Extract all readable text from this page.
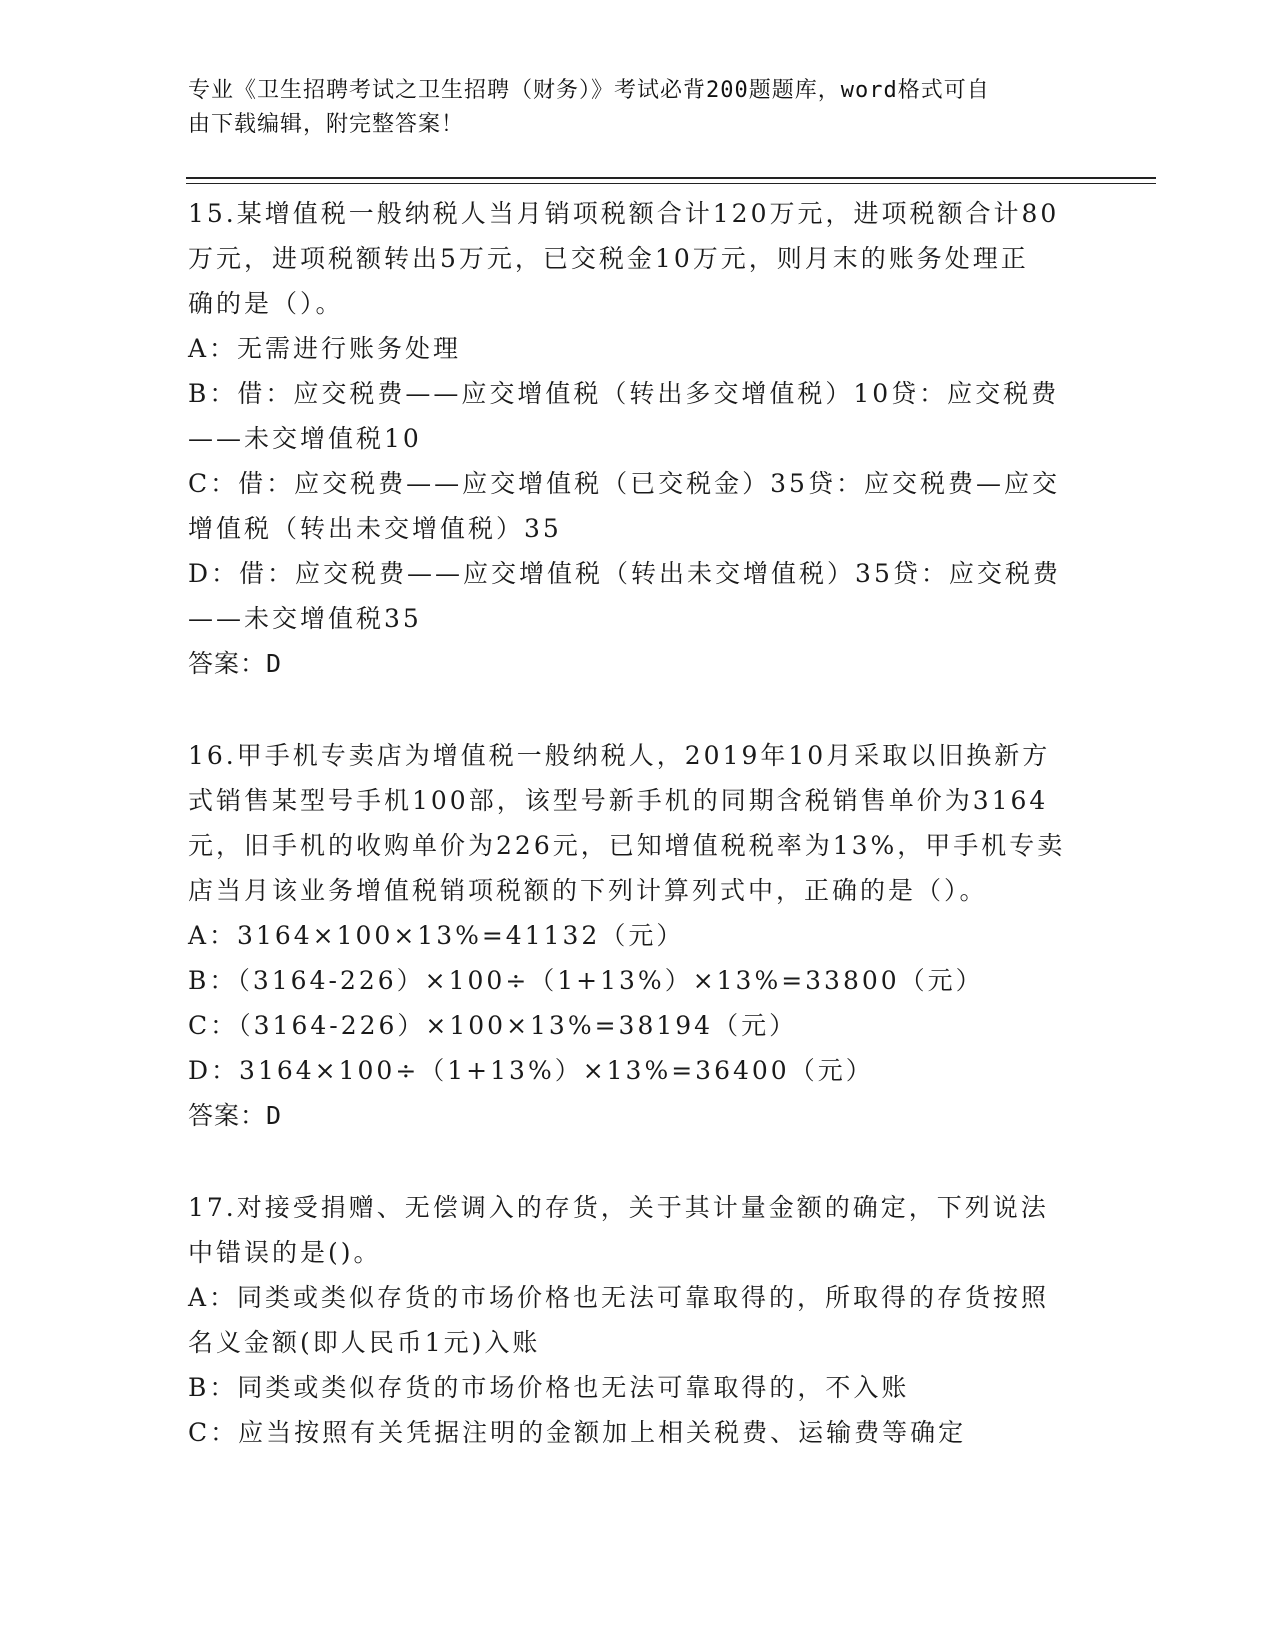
专业《卫生招聘考试之卫生招聘（财务）》考试必背200题题库，word格式可自
由下载编辑，附完整答案！
15.某增值税一般纳税人当月销项税额合计120万元，进项税额合计80
万元，进项税额转出5万元，已交税金10万元，则月末的账务处理正
确的是（）。
A：无需进行账务处理
B：借：应交税费——应交增值税（转出多交增值税）10贷：应交税费
——未交增值税10
C：借：应交税费——应交增值税（已交税金）35贷：应交税费—应交
增值税（转出未交增值税）35
D：借：应交税费——应交增值税（转出未交增值税）35贷：应交税费
——未交增值税35
答案：D
16.甲手机专卖店为增值税一般纳税人，2019年10月采取以旧换新方
式销售某型号手机100部，该型号新手机的同期含税销售单价为3164
元，旧手机的收购单价为226元，已知增值税税率为13%，甲手机专卖
店当月该业务增值税销项税额的下列计算列式中，正确的是（）。
A：3164×100×13%=41132（元）
B：（3164-226）×100÷（1+13%）×13%=33800（元）
C：（3164-226）×100×13%=38194（元）
D：3164×100÷（1+13%）×13%=36400（元）
答案：D
17.对接受捐赠、无偿调入的存货，关于其计量金额的确定，下列说法
中错误的是()。
A：同类或类似存货的市场价格也无法可靠取得的，所取得的存货按照
名义金额(即人民币1元)入账
B：同类或类似存货的市场价格也无法可靠取得的，不入账
C：应当按照有关凭据注明的金额加上相关税费、运输费等确定
